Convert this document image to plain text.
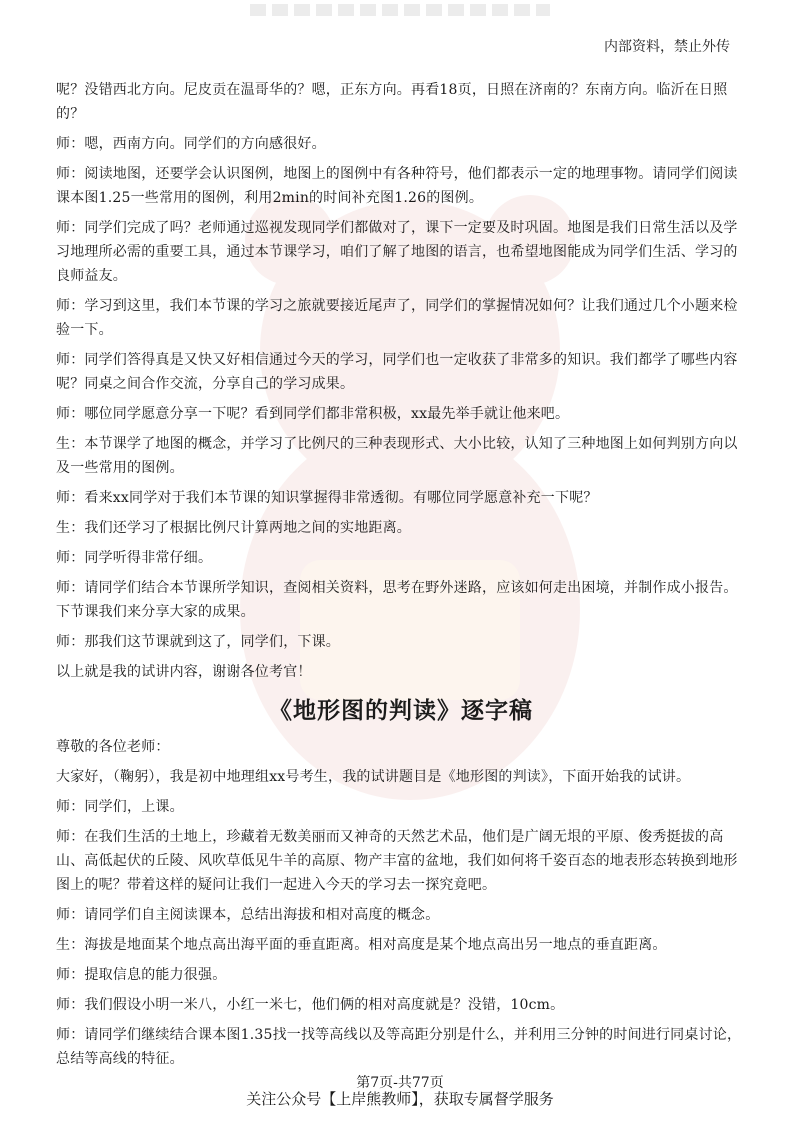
内部资料，禁止外传

呢？没错西北方向。尼皮贡在温哥华的？嗯，正东方向。再看18页，日照在济南的？东南方向。临沂在日照的？

师：嗯，西南方向。同学们的方向感很好。

师：阅读地图，还要学会认识图例，地图上的图例中有各种符号，他们都表示一定的地理事物。请同学们阅读课本图1.25一些常用的图例，利用2min的时间补充图1.26的图例。

师：同学们完成了吗？老师通过巡视发现同学们都做对了，课下一定要及时巩固。地图是我们日常生活以及学习地理所必需的重要工具，通过本节课学习，咱们了解了地图的语言，也希望地图能成为同学们生活、学习的良师益友。

师：学习到这里，我们本节课的学习之旅就要接近尾声了，同学们的掌握情况如何？让我们通过几个小题来检验一下。

师：同学们答得真是又快又好相信通过今天的学习，同学们也一定收获了非常多的知识。我们都学了哪些内容呢？同桌之间合作交流，分享自己的学习成果。

师：哪位同学愿意分享一下呢？看到同学们都非常积极，xx最先举手就让他来吧。

生：本节课学了地图的概念，并学习了比例尺的三种表现形式、大小比较，认知了三种地图上如何判别方向以及一些常用的图例。

师：看来xx同学对于我们本节课的知识掌握得非常透彻。有哪位同学愿意补充一下呢？

生：我们还学习了根据比例尺计算两地之间的实地距离。

师：同学听得非常仔细。

师：请同学们结合本节课所学知识，查阅相关资料，思考在野外迷路，应该如何走出困境，并制作成小报告。下节课我们来分享大家的成果。

师：那我们这节课就到这了，同学们，下课。

以上就是我的试讲内容，谢谢各位考官！

《地形图的判读》逐字稿

尊敬的各位老师：

大家好，（鞠躬），我是初中地理组xx号考生，我的试讲题目是《地形图的判读》，下面开始我的试讲。

师：同学们，上课。

师：在我们生活的土地上，珍藏着无数美丽而又神奇的天然艺术品，他们是广阔无垠的平原、俊秀挺拔的高山、高低起伏的丘陵、风吹草低见牛羊的高原、物产丰富的盆地，我们如何将千姿百态的地表形态转换到地形图上的呢？带着这样的疑问让我们一起进入今天的学习去一探究竟吧。

师：请同学们自主阅读课本，总结出海拔和相对高度的概念。

生：海拔是地面某个地点高出海平面的垂直距离。相对高度是某个地点高出另一地点的垂直距离。

师：提取信息的能力很强。

师：我们假设小明一米八，小红一米七，他们俩的相对高度就是？没错，10cm。

师：请同学们继续结合课本图1.35找一找等高线以及等高距分别是什么，并利用三分钟的时间进行同桌讨论，总结等高线的特征。

第7页-共77页
关注公众号【上岸熊教师】，获取专属督学服务
